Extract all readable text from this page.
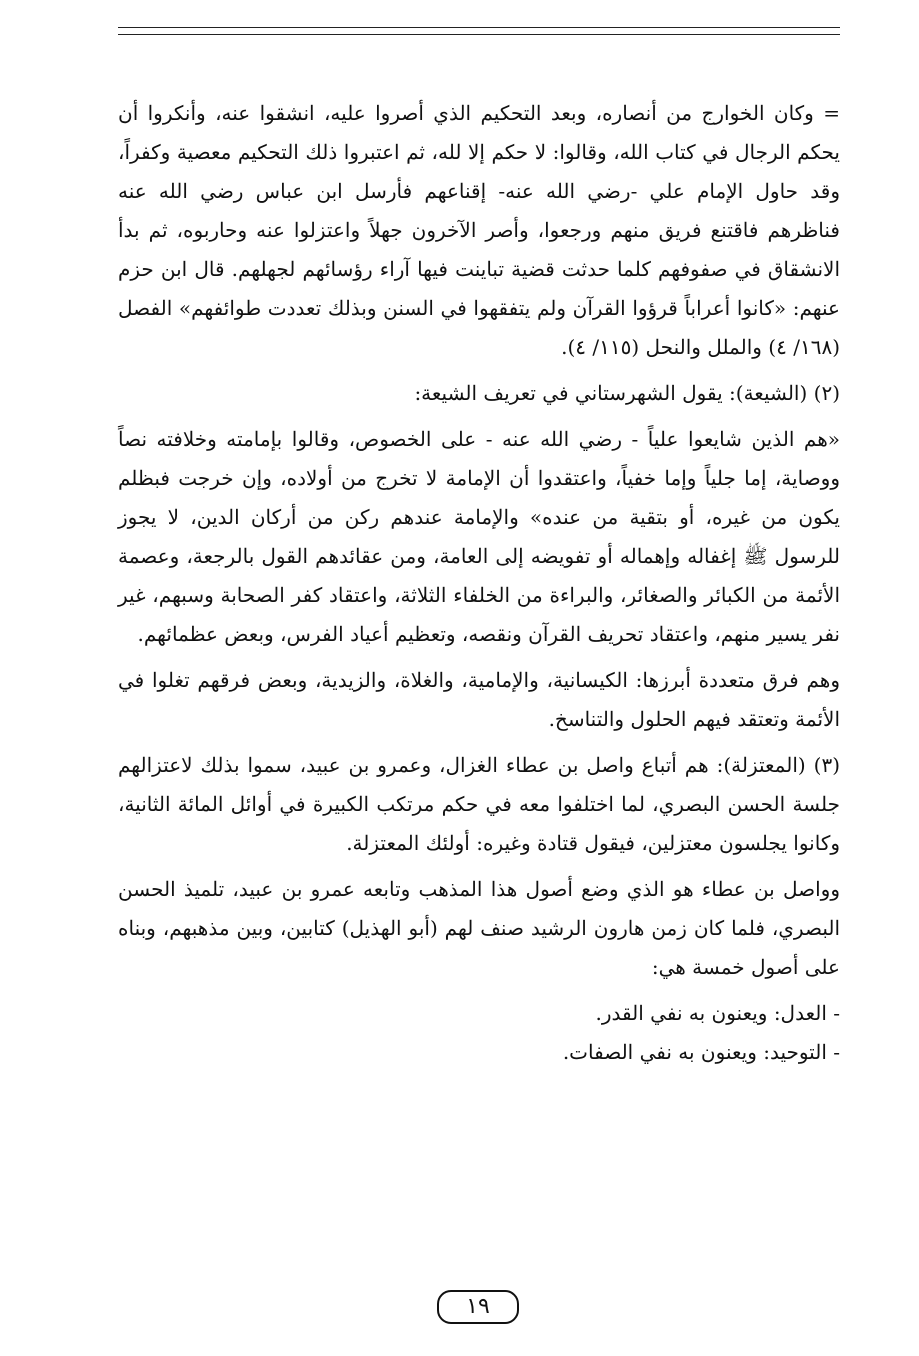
= وكان الخوارج من أنصاره، وبعد التحكيم الذي أصروا عليه، انشقوا عنه، وأنكروا أن يحكم الرجال في كتاب الله، وقالوا: لا حكم إلا لله، ثم اعتبروا ذلك التحكيم معصية وكفراً، وقد حاول الإمام علي -رضي الله عنه- إقناعهم فأرسل ابن عباس رضي الله عنه فناظرهم فاقتنع فريق منهم ورجعوا، وأصر الآخرون جهلاً واعتزلوا عنه وحاربوه، ثم بدأ الانشقاق في صفوفهم كلما حدثت قضية تباينت فيها آراء رؤسائهم لجهلهم. قال ابن حزم عنهم: «كانوا أعراباً قرؤوا القرآن ولم يتفقهوا في السنن وبذلك تعددت طوائفهم» الفصل (١٦٨/ ٤) والملل والنحل (١١٥/ ٤).

(٢) (الشيعة): يقول الشهرستاني في تعريف الشيعة:

«هم الذين شايعوا علياً - رضي الله عنه - على الخصوص، وقالوا بإمامته وخلافته نصاً ووصاية، إما جلياً وإما خفياً، واعتقدوا أن الإمامة لا تخرج من أولاده، وإن خرجت فبظلم يكون من غيره، أو بتقية من عنده» والإمامة عندهم ركن من أركان الدين، لا يجوز للرسول ﷺ إغفاله وإهماله أو تفويضه إلى العامة، ومن عقائدهم القول بالرجعة، وعصمة الأئمة من الكبائر والصغائر، والبراءة من الخلفاء الثلاثة، واعتقاد كفر الصحابة وسبهم، غير نفر يسير منهم، واعتقاد تحريف القرآن ونقصه، وتعظيم أعياد الفرس، وبعض عظمائهم.

وهم فرق متعددة أبرزها: الكيسانية، والإمامية، والغلاة، والزيدية، وبعض فرقهم تغلوا في الأئمة وتعتقد فيهم الحلول والتناسخ.

(٣) (المعتزلة): هم أتباع واصل بن عطاء الغزال، وعمرو بن عبيد، سموا بذلك لاعتزالهم جلسة الحسن البصري، لما اختلفوا معه في حكم مرتكب الكبيرة في أوائل المائة الثانية، وكانوا يجلسون معتزلين، فيقول قتادة وغيره: أولئك المعتزلة.

وواصل بن عطاء هو الذي وضع أصول هذا المذهب وتابعه عمرو بن عبيد، تلميذ الحسن البصري، فلما كان زمن هارون الرشيد صنف لهم (أبو الهذيل) كتابين، وبين مذهبهم، وبناه على أصول خمسة هي:

- العدل: ويعنون به نفي القدر.

- التوحيد: ويعنون به نفي الصفات.

١٩
